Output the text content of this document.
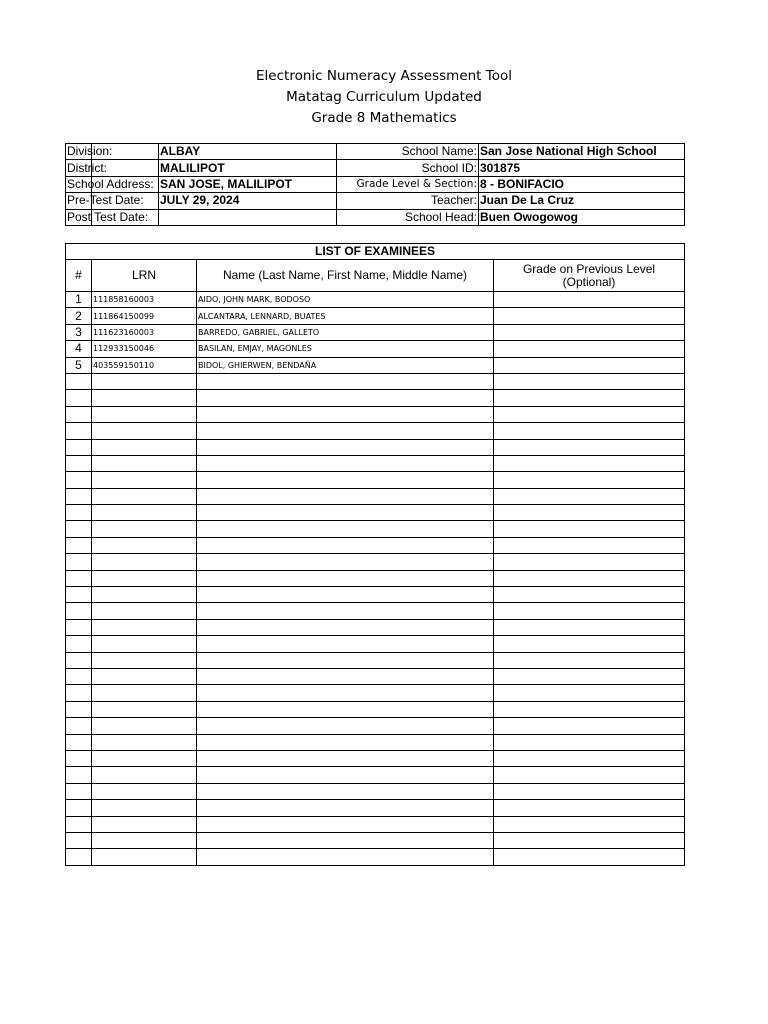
Electronic Numeracy Assessment Tool
Matatag Curriculum Updated
Grade 8 Mathematics
Division:		ALBAY	School Name:	San Jose National High School
District:		MALILIPOT	School ID:	301875
School Address:		SAN JOSE, MALILIPOT	Grade Level & Section:	8 - BONIFACIO
Pre-Test Date:		JULY 29, 2024	Teacher:	Juan De La Cruz
Post Test Date:			School Head:	Buen Owogowog
LIST OF EXAMINEES			
#	LRN	Name (Last Name, First Name, Middle Name)	Grade on Previous Level (Optional)
1	111858160003	AIDO, JOHN MARK, BODOSO	
2	111864150099	ALCANTARA, LENNARD, BUATES	
3	111623160003	BARREDO, GABRIEL, GALLETO	
4	112933150046	BASILAN, EMJAY, MAGONLES	
5	403559150110	BIDOL, GHIERWEN, BENDAÑA	
